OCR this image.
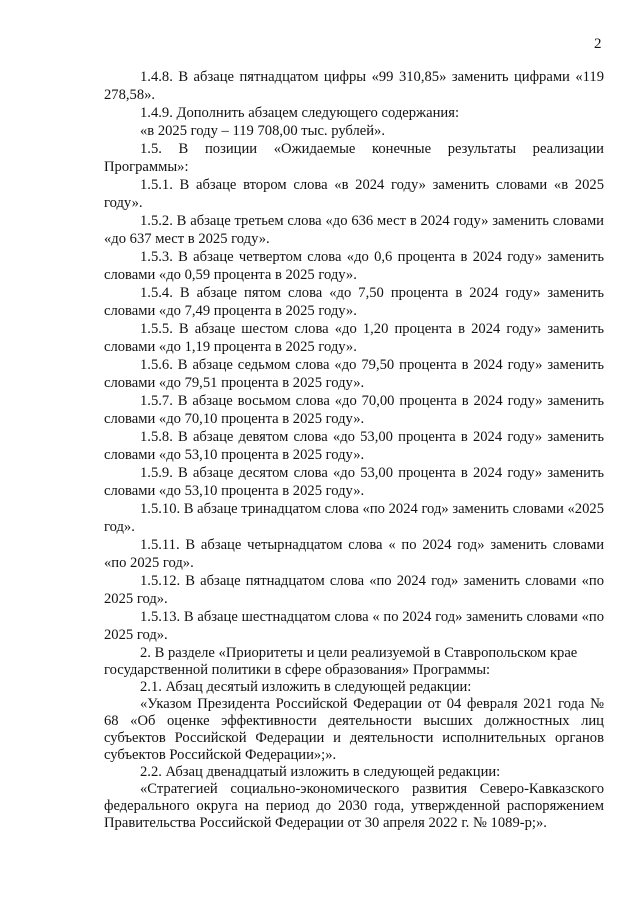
2
1.4.8. В абзаце пятнадцатом цифры «99 310,85» заменить цифрами «119 278,58».
1.4.9. Дополнить абзацем следующего содержания:
«в 2025 году – 119 708,00 тыс. рублей».
1.5. В позиции «Ожидаемые конечные результаты реализации Программы»:
1.5.1. В абзаце втором слова «в 2024 году» заменить словами «в 2025 году».
1.5.2. В абзаце третьем слова «до 636 мест в 2024 году» заменить словами «до 637 мест в 2025 году».
1.5.3. В абзаце четвертом слова «до 0,6 процента в 2024 году» заменить словами «до 0,59 процента в 2025 году».
1.5.4. В абзаце пятом слова «до 7,50 процента в 2024 году» заменить словами «до 7,49 процента в 2025 году».
1.5.5. В абзаце шестом слова «до 1,20 процента в 2024 году» заменить словами «до 1,19 процента в 2025 году».
1.5.6. В абзаце седьмом слова «до 79,50 процента в 2024 году» заменить словами «до 79,51 процента в 2025 году».
1.5.7. В абзаце восьмом слова «до 70,00 процента в 2024 году» заменить словами «до 70,10 процента в 2025 году».
1.5.8. В абзаце девятом слова «до 53,00 процента в 2024 году» заменить словами «до 53,10 процента в 2025 году».
1.5.9. В абзаце десятом слова «до 53,00 процента в 2024 году» заменить словами «до 53,10 процента в 2025 году».
1.5.10. В абзаце тринадцатом слова «по 2024 год» заменить словами «2025 год».
1.5.11. В абзаце четырнадцатом слова « по 2024 год» заменить словами «по 2025 год».
1.5.12. В абзаце пятнадцатом слова «по 2024 год» заменить словами «по 2025 год».
1.5.13. В абзаце шестнадцатом слова « по 2024 год» заменить словами «по 2025 год».
2. В разделе «Приоритеты и цели реализуемой в Ставропольском крае государственной политики в сфере образования» Программы:
2.1. Абзац десятый изложить в следующей редакции:
«Указом Президента Российской Федерации от 04 февраля 2021 года № 68 «Об оценке эффективности деятельности высших должностных лиц субъектов Российской Федерации и деятельности исполнительных органов субъектов Российской Федерации»;».
2.2. Абзац двенадцатый изложить в следующей редакции:
«Стратегией социально-экономического развития Северо-Кавказского федерального округа на период до 2030 года, утвержденной распоряжением Правительства Российской Федерации от 30 апреля 2022 г. № 1089-р;».
